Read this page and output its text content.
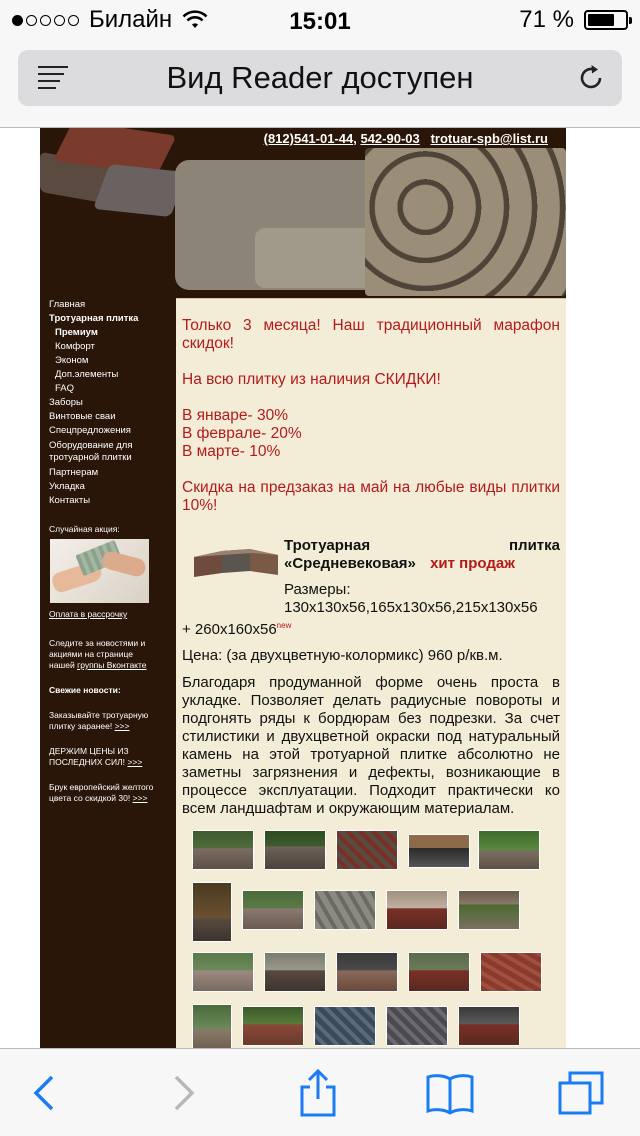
Билайн	15:01	71 %
Вид Reader доступен
(812)541-01-44, 542-90-03 trotuar-spb@list.ru
Главная
Тротуарная плитка
Премиум
Комфорт
Эконом
Доп.элементы
FAQ
Заборы
Винтовые сваи
Спецпредложения
Оборудование для тротуарной плитки
Партнерам
Укладка
Контакты
Случайная акция:
Оплата в рассрочку
Следите за новостями и акциями на странице нашей группы Вконтакте
Свежие новости:
Заказывайте тротуарную плитку заранее! >>>
ДЕРЖИМ ЦЕНЫ ИЗ ПОСЛЕДНИХ СИЛ! >>>
Брук европейский желтого цвета со скидкой 30! >>>

Только 3 месяца! Наш традиционный марафон скидок!

На всю плитку из наличия СКИДКИ!

В январе- 30%
В феврале- 20%

В марте- 10%

Скидка на предзаказ на май на любые виды плитки 10%!

Тротуарная	плитка
«Средневековая» хит продаж
Размеры:
130х130х56,165х130х56,215х130х56
+ $260х160х56^{new}$
Цена: (за двухцветную-колормикс) 960 р/кв.м.
Благодаря продуманной форме очень проста в укладке. Позволяет делать радиусные повороты и подгонять ряды к бордюрам без подрезки. За счет стилистики и двухцветной окраски под натуральный камень на этой тротуарной плитке абсолютно не заметны загрязнения и дефекты, возникающие в процессе эксплуатации. Подходит практически ко всем ландшафтам и окружающим материалам.
